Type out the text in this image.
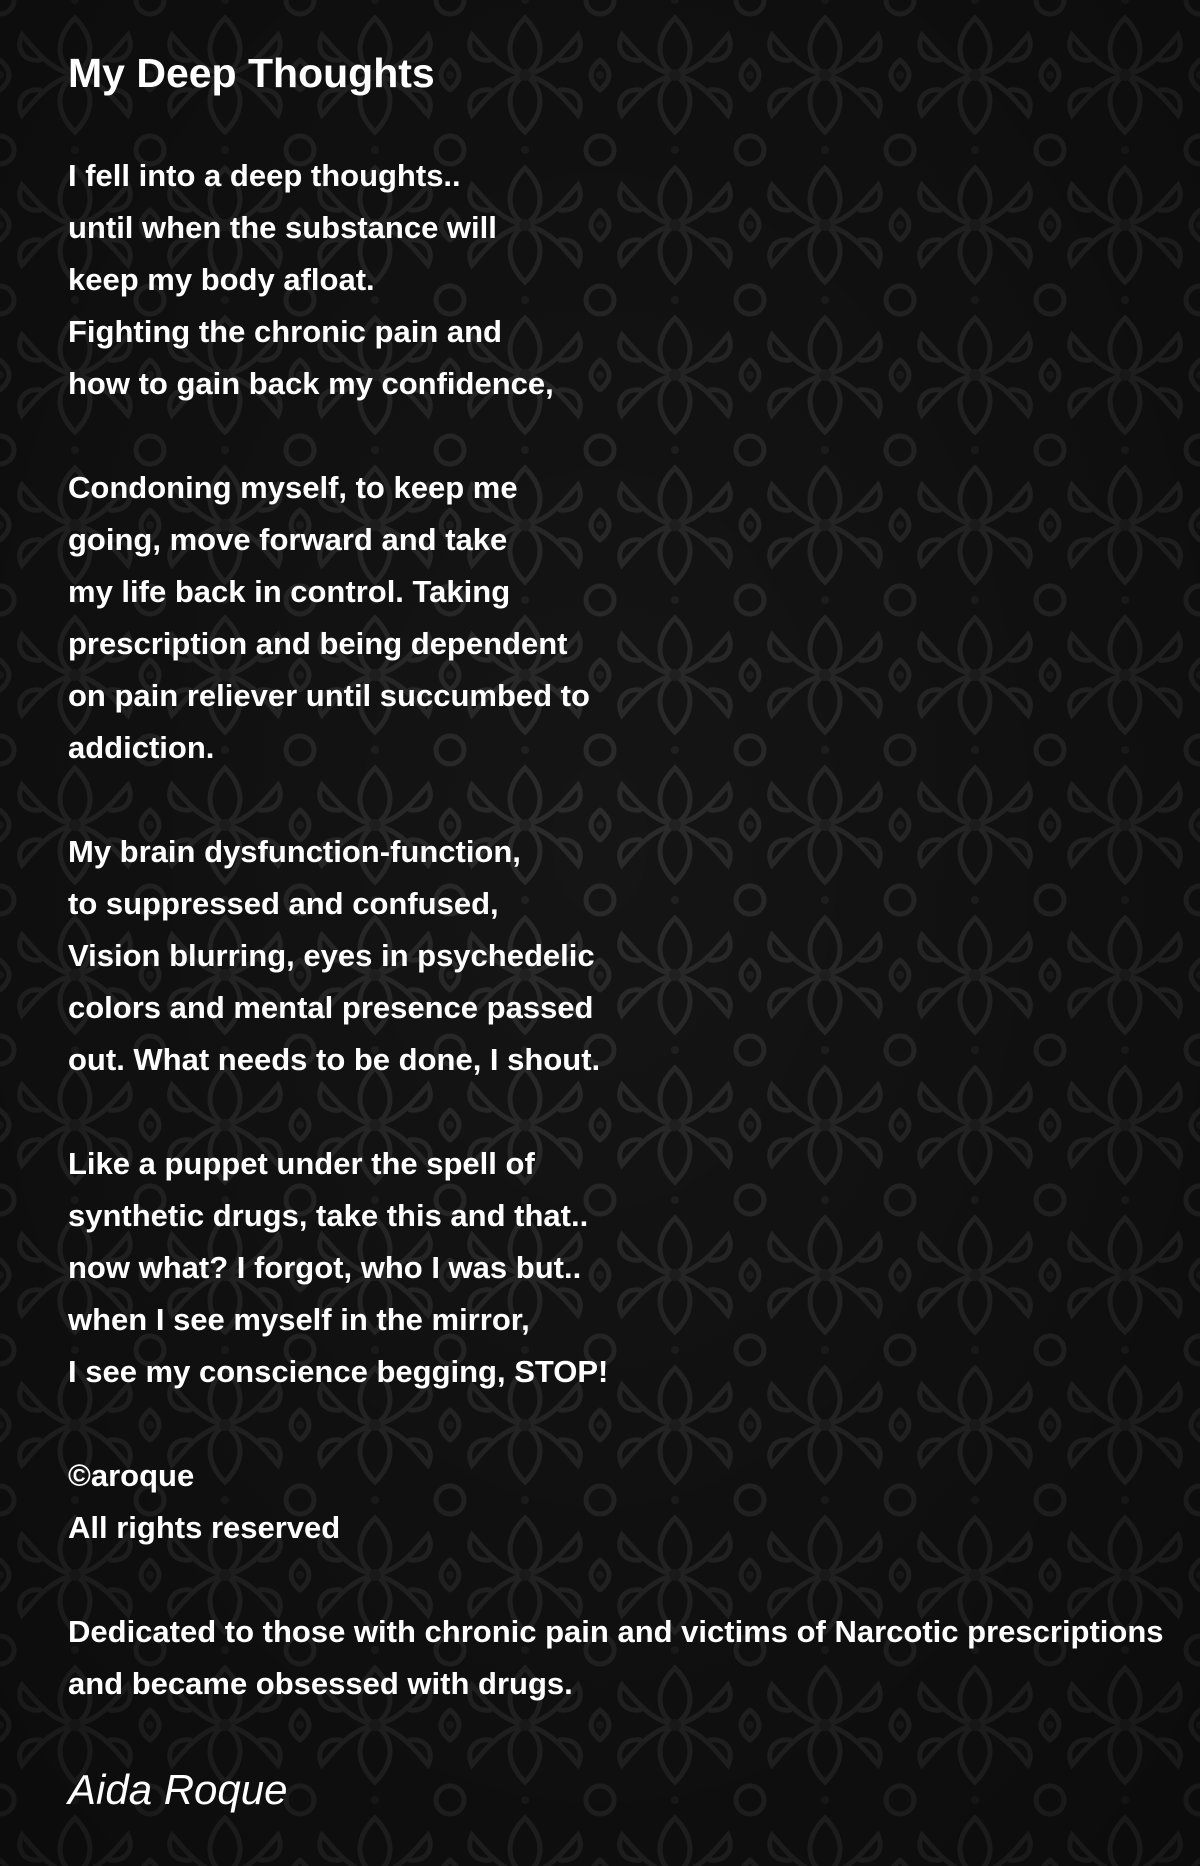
My Deep Thoughts
I fell into a deep thoughts..
until when the substance will
keep my body afloat.
Fighting the chronic pain and
how to gain back my confidence,
Condoning myself, to keep me
going, move forward and take
my life back in control. Taking
prescription and being dependent
on pain reliever until succumbed to
addiction.
My brain dysfunction-function,
to suppressed and confused,
Vision blurring, eyes in psychedelic
colors and mental presence passed
out. What needs to be done, I shout.
Like a puppet under the spell of
synthetic drugs, take this and that..
now what? I forgot, who I was but..
when I see myself in the mirror,
I see my conscience begging, STOP!
©aroque
All rights reserved
Dedicated to those with chronic pain and victims of Narcotic prescriptions
and became obsessed with drugs.

Aida Roque
